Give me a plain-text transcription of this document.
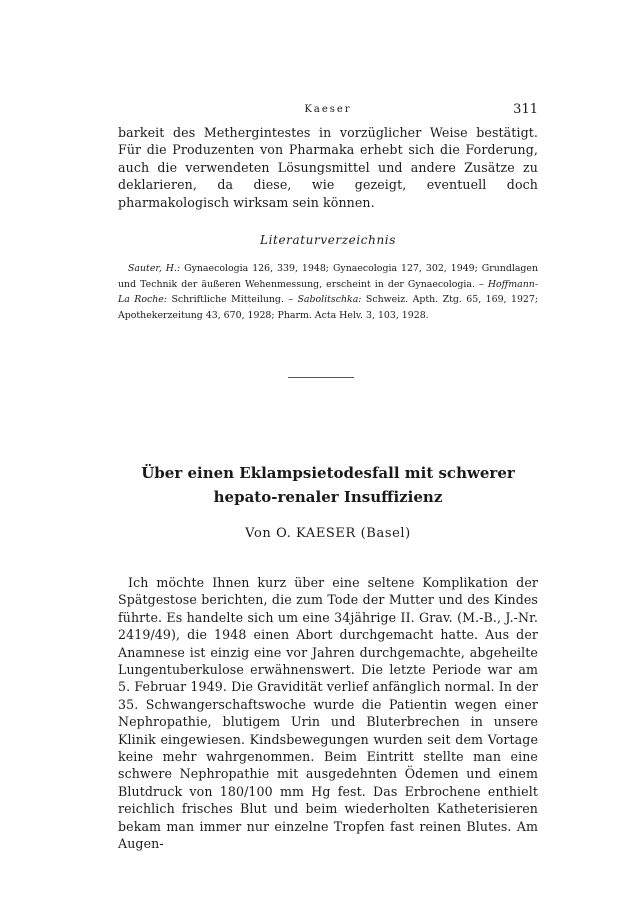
Kaeser	311

barkeit des Methergintestes in vorzüglicher Weise bestätigt. Für die Produzenten von Pharmaka erhebt sich die Forderung, auch die verwendeten Lösungsmittel und andere Zusätze zu deklarieren, da diese, wie gezeigt, eventuell doch pharmakologisch wirksam sein können.

Literaturverzeichnis

Sauter, H.: Gynaecologia 126, 339, 1948; Gynaecologia 127, 302, 1949; Grundlagen und Technik der äußeren Wehenmessung, erscheint in der Gynaecologia. – Hoffmann-La Roche: Schriftliche Mitteilung. – Sabolitschka: Schweiz. Apth. Ztg. 65, 169, 1927; Apothekerzeitung 43, 670, 1928; Pharm. Acta Helv. 3, 103, 1928.

Über einen Eklampsietodesfall mit schwerer
hepato-renaler Insuffizienz

Von O. KAESER (Basel)

Ich möchte Ihnen kurz über eine seltene Komplikation der Spätgestose berichten, die zum Tode der Mutter und des Kindes führte. Es handelte sich um eine 34jährige II. Grav. (M.-B., J.-Nr. 2419/49), die 1948 einen Abort durchgemacht hatte. Aus der Anamnese ist einzig eine vor Jahren durchgemachte, abgeheilte Lungentuberkulose erwähnenswert. Die letzte Periode war am 5. Februar 1949. Die Gravidität verlief anfänglich normal. In der 35. Schwangerschaftswoche wurde die Patientin wegen einer Nephropathie, blutigem Urin und Bluterbrechen in unsere Klinik eingewiesen. Kindsbewegungen wurden seit dem Vortage keine mehr wahrgenommen. Beim Eintritt stellte man eine schwere Nephropathie mit ausgedehnten Ödemen und einem Blutdruck von 180/100 mm Hg fest. Das Erbrochene enthielt reichlich frisches Blut und beim wiederholten Katheterisieren bekam man immer nur einzelne Tropfen fast reinen Blutes. Am Augen-
